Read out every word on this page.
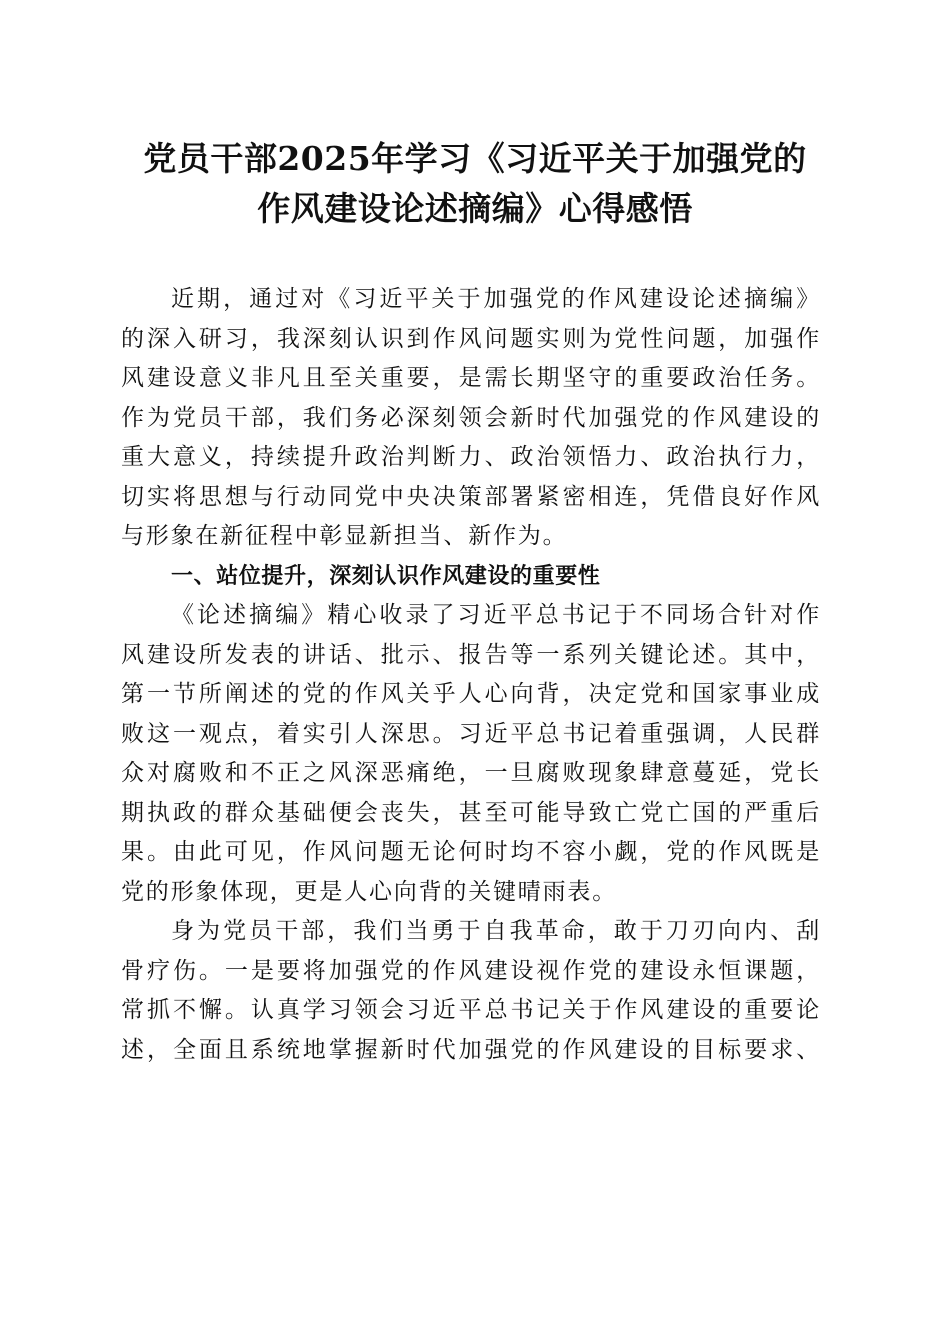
党员干部2025年学习《习近平关于加强党的
作风建设论述摘编》心得感悟

近期，通过对《习近平关于加强党的作风建设论述摘编》
的深入研习，我深刻认识到作风问题实则为党性问题，加强作
风建设意义非凡且至关重要，是需长期坚守的重要政治任务。
作为党员干部，我们务必深刻领会新时代加强党的作风建设的
重大意义，持续提升政治判断力、政治领悟力、政治执行力，
切实将思想与行动同党中央决策部署紧密相连，凭借良好作风
与形象在新征程中彰显新担当、新作为。

一、站位提升，深刻认识作风建设的重要性

《论述摘编》精心收录了习近平总书记于不同场合针对作
风建设所发表的讲话、批示、报告等一系列关键论述。其中，
第一节所阐述的党的作风关乎人心向背，决定党和国家事业成
败这一观点，着实引人深思。习近平总书记着重强调，人民群
众对腐败和不正之风深恶痛绝，一旦腐败现象肆意蔓延，党长
期执政的群众基础便会丧失，甚至可能导致亡党亡国的严重后
果。由此可见，作风问题无论何时均不容小觑，党的作风既是
党的形象体现，更是人心向背的关键晴雨表。

身为党员干部，我们当勇于自我革命，敢于刀刃向内、刮
骨疗伤。一是要将加强党的作风建设视作党的建设永恒课题，
常抓不懈。认真学习领会习近平总书记关于作风建设的重要论
述，全面且系统地掌握新时代加强党的作风建设的目标要求、
